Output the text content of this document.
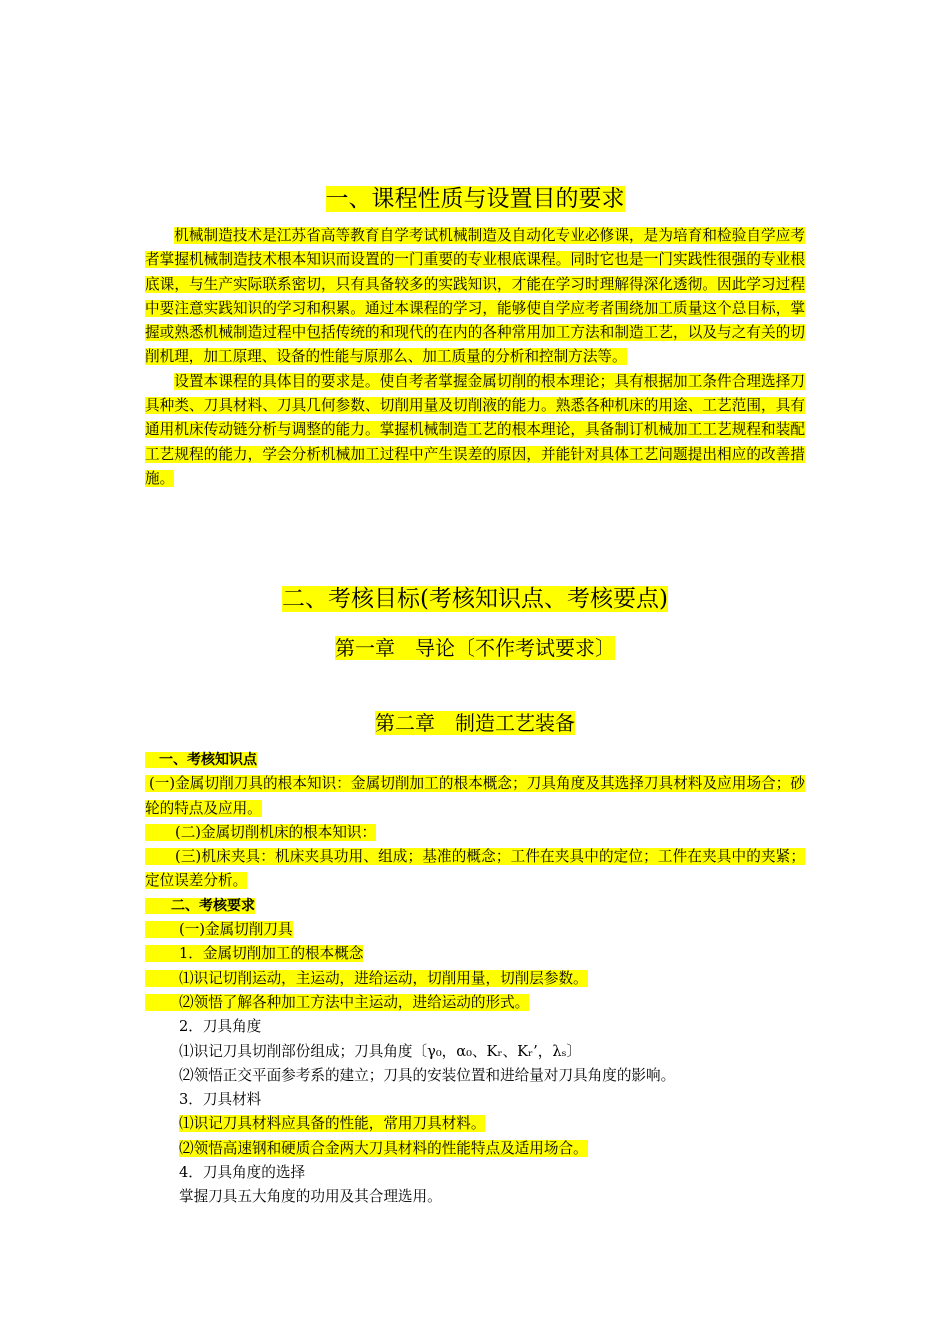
一、课程性质与设置目的要求

机械制造技术是江苏省高等教育自学考试机械制造及自动化专业必修课，是为培育和检验自学应考者掌握机械制造技术根本知识而设置的一门重要的专业根底课程。同时它也是一门实践性很强的专业根底课，与生产实际联系密切，只有具备较多的实践知识，才能在学习时理解得深化透彻。因此学习过程中要注意实践知识的学习和积累。通过本课程的学习，能够使自学应考者围绕加工质量这个总目标，掌握或熟悉机械制造过程中包括传统的和现代的在内的各种常用加工方法和制造工艺，以及与之有关的切削机理，加工原理、设备的性能与原那么、加工质量的分析和控制方法等。

设置本课程的具体目的要求是。使自考者掌握金属切削的根本理论；具有根据加工条件合理选择刀具种类、刀具材料、刀具几何参数、切削用量及切削液的能力。熟悉各种机床的用途、工艺范围，具有通用机床传动链分析与调整的能力。掌握机械制造工艺的根本理论，具备制订机械加工工艺规程和装配工艺规程的能力，学会分析机械加工过程中产生误差的原因，并能针对具体工艺问题提出相应的改善措施。

二、考核目标(考核知识点、考核要点)
第一章　导论〔不作考试要求〕
第二章　制造工艺装备

一、考核知识点

(一)金属切削刀具的根本知识：金属切削加工的根本概念；刀具角度及其选择刀具材料及应用场合；砂轮的特点及应用。

(二)金属切削机床的根本知识：

(三)机床夹具：机床夹具功用、组成；基准的概念；工件在夹具中的定位；工件在夹具中的夹紧；定位误差分析。

二、考核要求

(一)金属切削刀具

1．金属切削加工的根本概念

⑴识记切削运动，主运动，进给运动，切削用量，切削层参数。

⑵领悟了解各种加工方法中主运动，进给运动的形式。

2．刀具角度

⑴识记刀具切削部份组成；刀具角度〔γ₀，α₀、Kᵣ、Kᵣ’，λₛ〕

⑵领悟正交平面参考系的建立；刀具的安装位置和进给量对刀具角度的影响。

3．刀具材料

⑴识记刀具材料应具备的性能，常用刀具材料。

⑵领悟高速钢和硬质合金两大刀具材料的性能特点及适用场合。

4．刀具角度的选择

掌握刀具五大角度的功用及其合理选用。
